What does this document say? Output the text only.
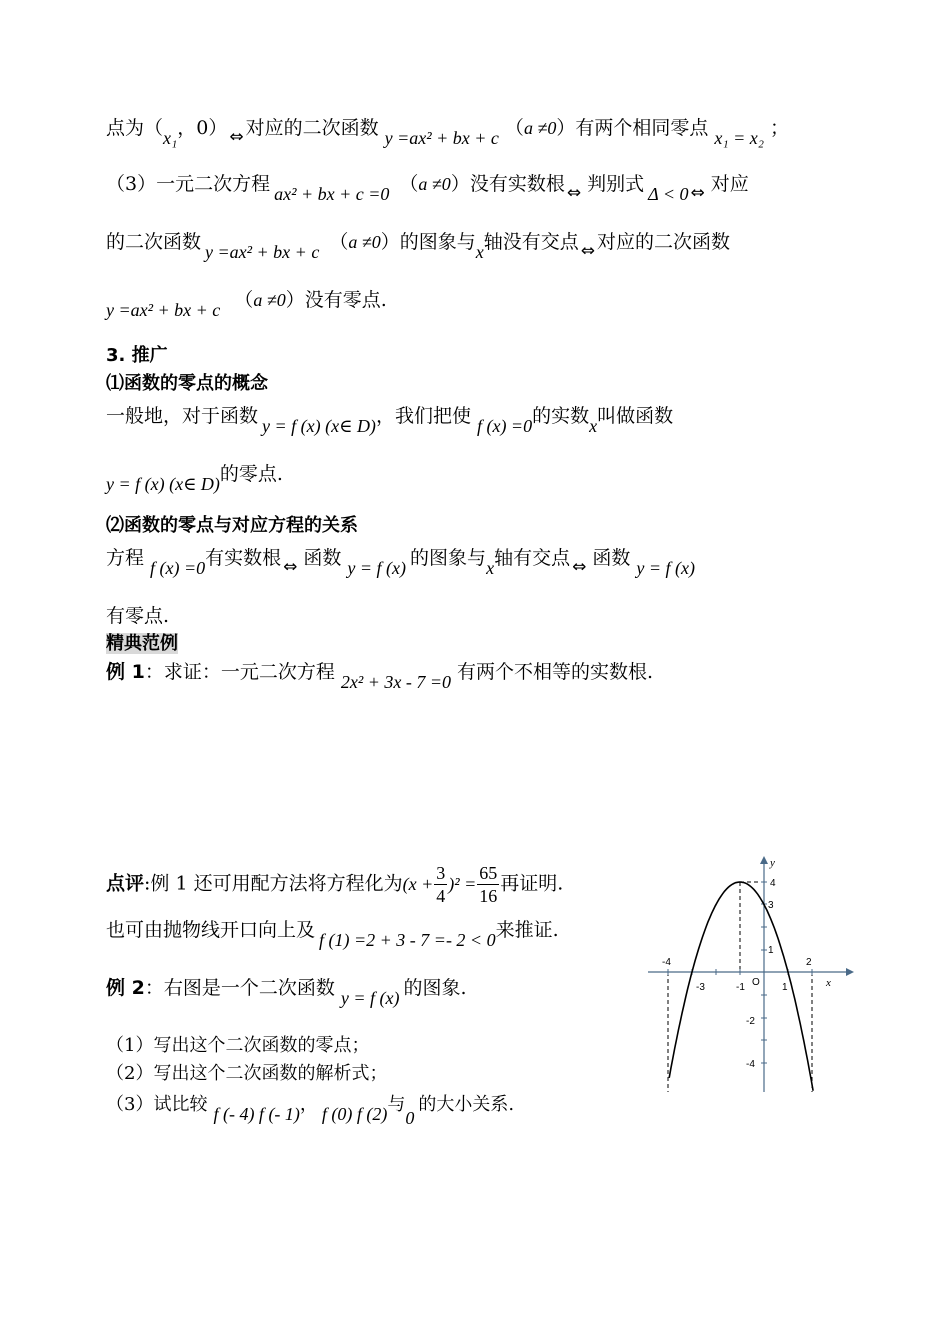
点为（x₁，0） ⇔ 对应的二次函数 y =ax² + bx + c （a ≠0）有两个相同零点 x₁ = x₂ ；
（3）一元二次方程 ax² + bx + c =0 （a ≠0）没有实数根 ⇔ 判别式 Δ < 0 ⇔ 对应
的二次函数 y =ax² + bx + c （a ≠0）的图象与x轴没有交点 ⇔ 对应的二次函数
y =ax² + bx + c （a ≠0）没有零点.
3. 推广
⑴函数的零点的概念
一般地，对于函数 y = f (x) (x∈ D)，我们把使 f (x) =0的实数x叫做函数
y = f (x) (x∈ D)的零点.
⑵函数的零点与对应方程的关系
方程 f (x) =0有实数根 ⇔ 函数 y = f (x) 的图象与x轴有交点 ⇔ 函数 y = f (x)
有零点.
精典范例
例 1：求证：一元二次方程 2x² + 3x - 7 =0 有两个不相等的实数根.
点评:例 1 还可用配方法将方程化为$(x + \frac{3}{4} )^2 = \frac{65}{16}$ 再证明.
也可由抛物线开口向上及 f (1) =2 + 3 - 7 =- 2 < 0来推证.
例 2：右图是一个二次函数 y = f (x) 的图象.
（1）写出这个二次函数的零点；
（2）写出这个二次函数的解析式；
（3）试比较 f (- 4) f (- 1)， f (0) f (2)与0的大小关系.
y
x
O
-4
-3	-1	1
2
4
3
1
-2
-4
